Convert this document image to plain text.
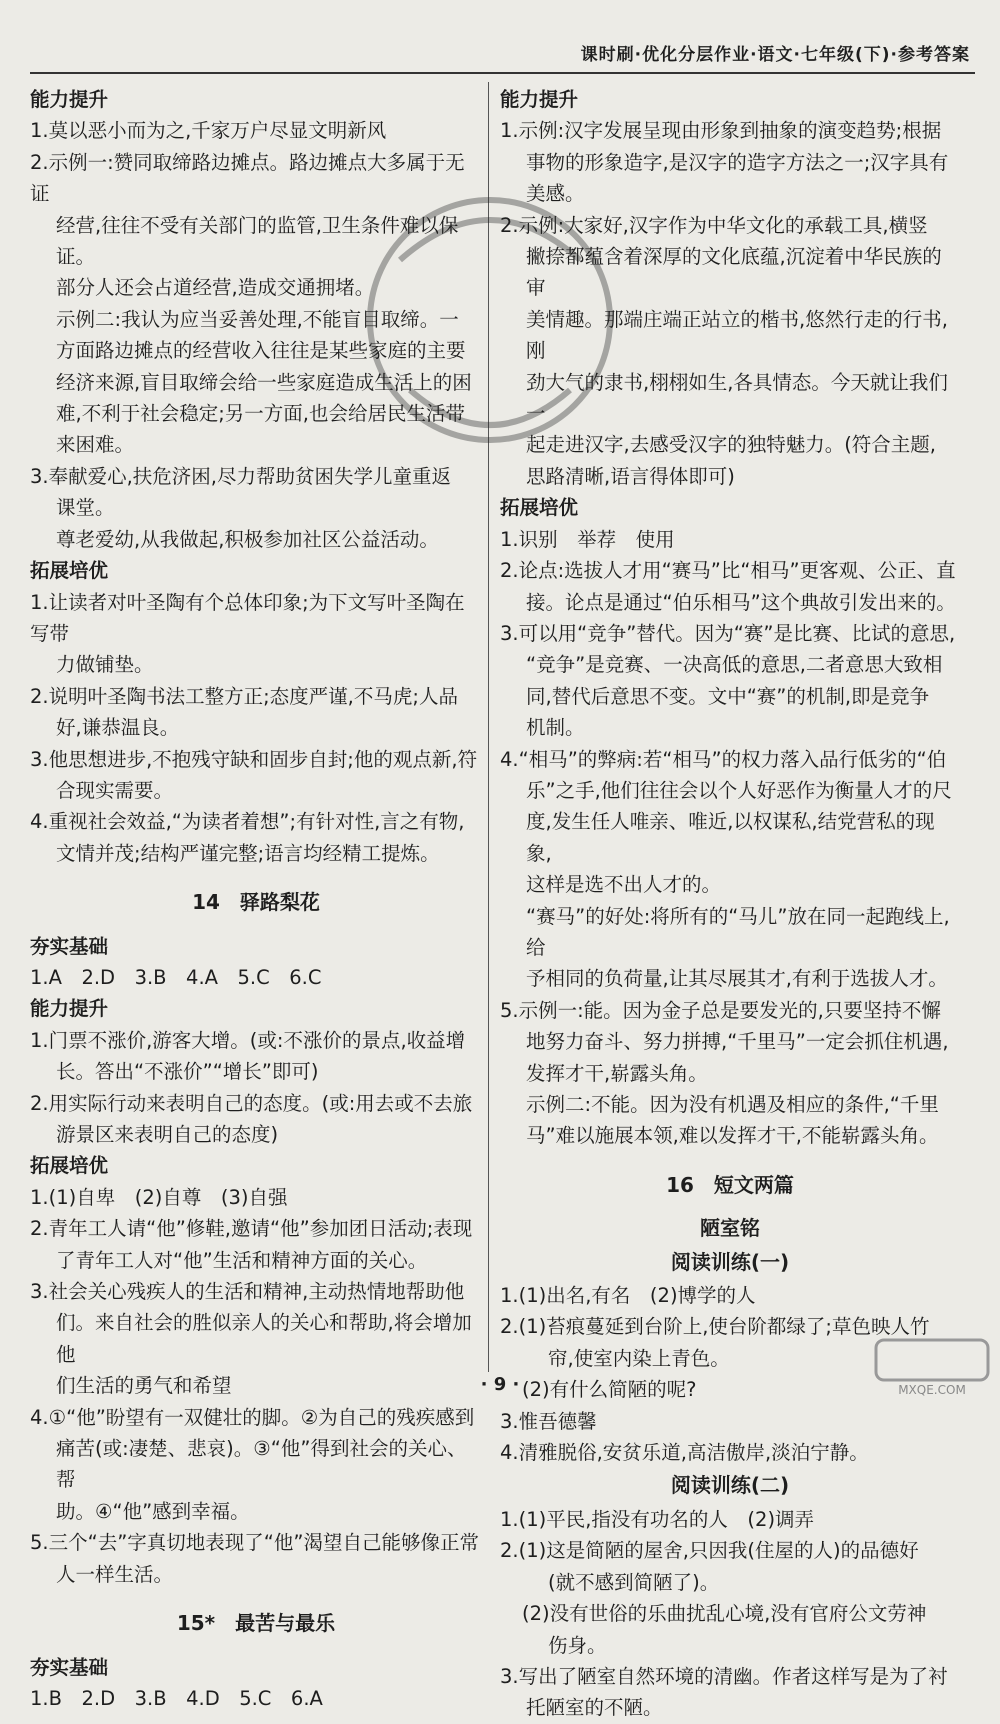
课时刷·优化分层作业·语文·七年级(下)·参考答案
能力提升
1.莫以恶小而为之,千家万户尽显文明新风
2.示例一:赞同取缔路边摊点。路边摊点大多属于无证
经营,往往不受有关部门的监管,卫生条件难以保证。
部分人还会占道经营,造成交通拥堵。
示例二:我认为应当妥善处理,不能盲目取缔。一
方面路边摊点的经营收入往往是某些家庭的主要
经济来源,盲目取缔会给一些家庭造成生活上的困
难,不利于社会稳定;另一方面,也会给居民生活带
来困难。
3.奉献爱心,扶危济困,尽力帮助贫困失学儿童重返
课堂。
尊老爱幼,从我做起,积极参加社区公益活动。
拓展培优
1.让读者对叶圣陶有个总体印象;为下文写叶圣陶在写带
力做铺垫。
2.说明叶圣陶书法工整方正;态度严谨,不马虎;人品
好,谦恭温良。
3.他思想进步,不抱残守缺和固步自封;他的观点新,符
合现实需要。
4.重视社会效益,“为读者着想”;有针对性,言之有物,
文情并茂;结构严谨完整;语言均经精工提炼。
14　驿路梨花
夯实基础
1.A　2.D　3.B　4.A　5.C　6.C
能力提升
1.门票不涨价,游客大增。(或:不涨价的景点,收益增
长。答出“不涨价”“增长”即可)
2.用实际行动来表明自己的态度。(或:用去或不去旅
游景区来表明自己的态度)
拓展培优
1.(1)自卑　(2)自尊　(3)自强
2.青年工人请“他”修鞋,邀请“他”参加团日活动;表现
了青年工人对“他”生活和精神方面的关心。
3.社会关心残疾人的生活和精神,主动热情地帮助他
们。来自社会的胜似亲人的关心和帮助,将会增加他
们生活的勇气和希望
4.①“他”盼望有一双健壮的脚。②为自己的残疾感到
痛苦(或:凄楚、悲哀)。③“他”得到社会的关心、帮
助。④“他”感到幸福。
5.三个“去”字真切地表现了“他”渴望自己能够像正常
人一样生活。
15*　最苦与最乐
夯实基础
1.B　2.D　3.B　4.D　5.C　6.A
能力提升
1.示例:汉字发展呈现由形象到抽象的演变趋势;根据
事物的形象造字,是汉字的造字方法之一;汉字具有
美感。
2.示例:大家好,汉字作为中华文化的承载工具,横竖
撇捺都蕴含着深厚的文化底蕴,沉淀着中华民族的审
美情趣。那端庄端正站立的楷书,悠然行走的行书,刚
劲大气的隶书,栩栩如生,各具情态。今天就让我们一
起走进汉字,去感受汉字的独特魅力。(符合主题,
思路清晰,语言得体即可)
拓展培优
1.识别　举荐　使用
2.论点:选拔人才用“赛马”比“相马”更客观、公正、直
接。论点是通过“伯乐相马”这个典故引发出来的。
3.可以用“竞争”替代。因为“赛”是比赛、比试的意思,
“竞争”是竞赛、一决高低的意思,二者意思大致相
同,替代后意思不变。文中“赛”的机制,即是竞争
机制。
4.“相马”的弊病:若“相马”的权力落入品行低劣的“伯
乐”之手,他们往往会以个人好恶作为衡量人才的尺
度,发生任人唯亲、唯近,以权谋私,结党营私的现象,
这样是选不出人才的。
“赛马”的好处:将所有的“马儿”放在同一起跑线上,给
予相同的负荷量,让其尽展其才,有利于选拔人才。
5.示例一:能。因为金子总是要发光的,只要坚持不懈
地努力奋斗、努力拼搏,“千里马”一定会抓住机遇,
发挥才干,崭露头角。
示例二:不能。因为没有机遇及相应的条件,“千里
马”难以施展本领,难以发挥才干,不能崭露头角。
16　短文两篇
陋室铭
阅读训练(一)
1.(1)出名,有名　(2)博学的人
2.(1)苔痕蔓延到台阶上,使台阶都绿了;草色映人竹
帘,使室内染上青色。
(2)有什么简陋的呢?
3.惟吾德馨
4.清雅脱俗,安贫乐道,高洁傲岸,淡泊宁静。
阅读训练(二)
1.(1)平民,指没有功名的人　(2)调弄
2.(1)这是简陋的屋舍,只因我(住屋的人)的品德好
(就不感到简陋了)。
(2)没有世俗的乐曲扰乱心境,没有官府公文劳神
伤身。
3.写出了陋室自然环境的清幽。作者这样写是为了衬
托陋室的不陋。
· 9 ·	MXQE.COM
